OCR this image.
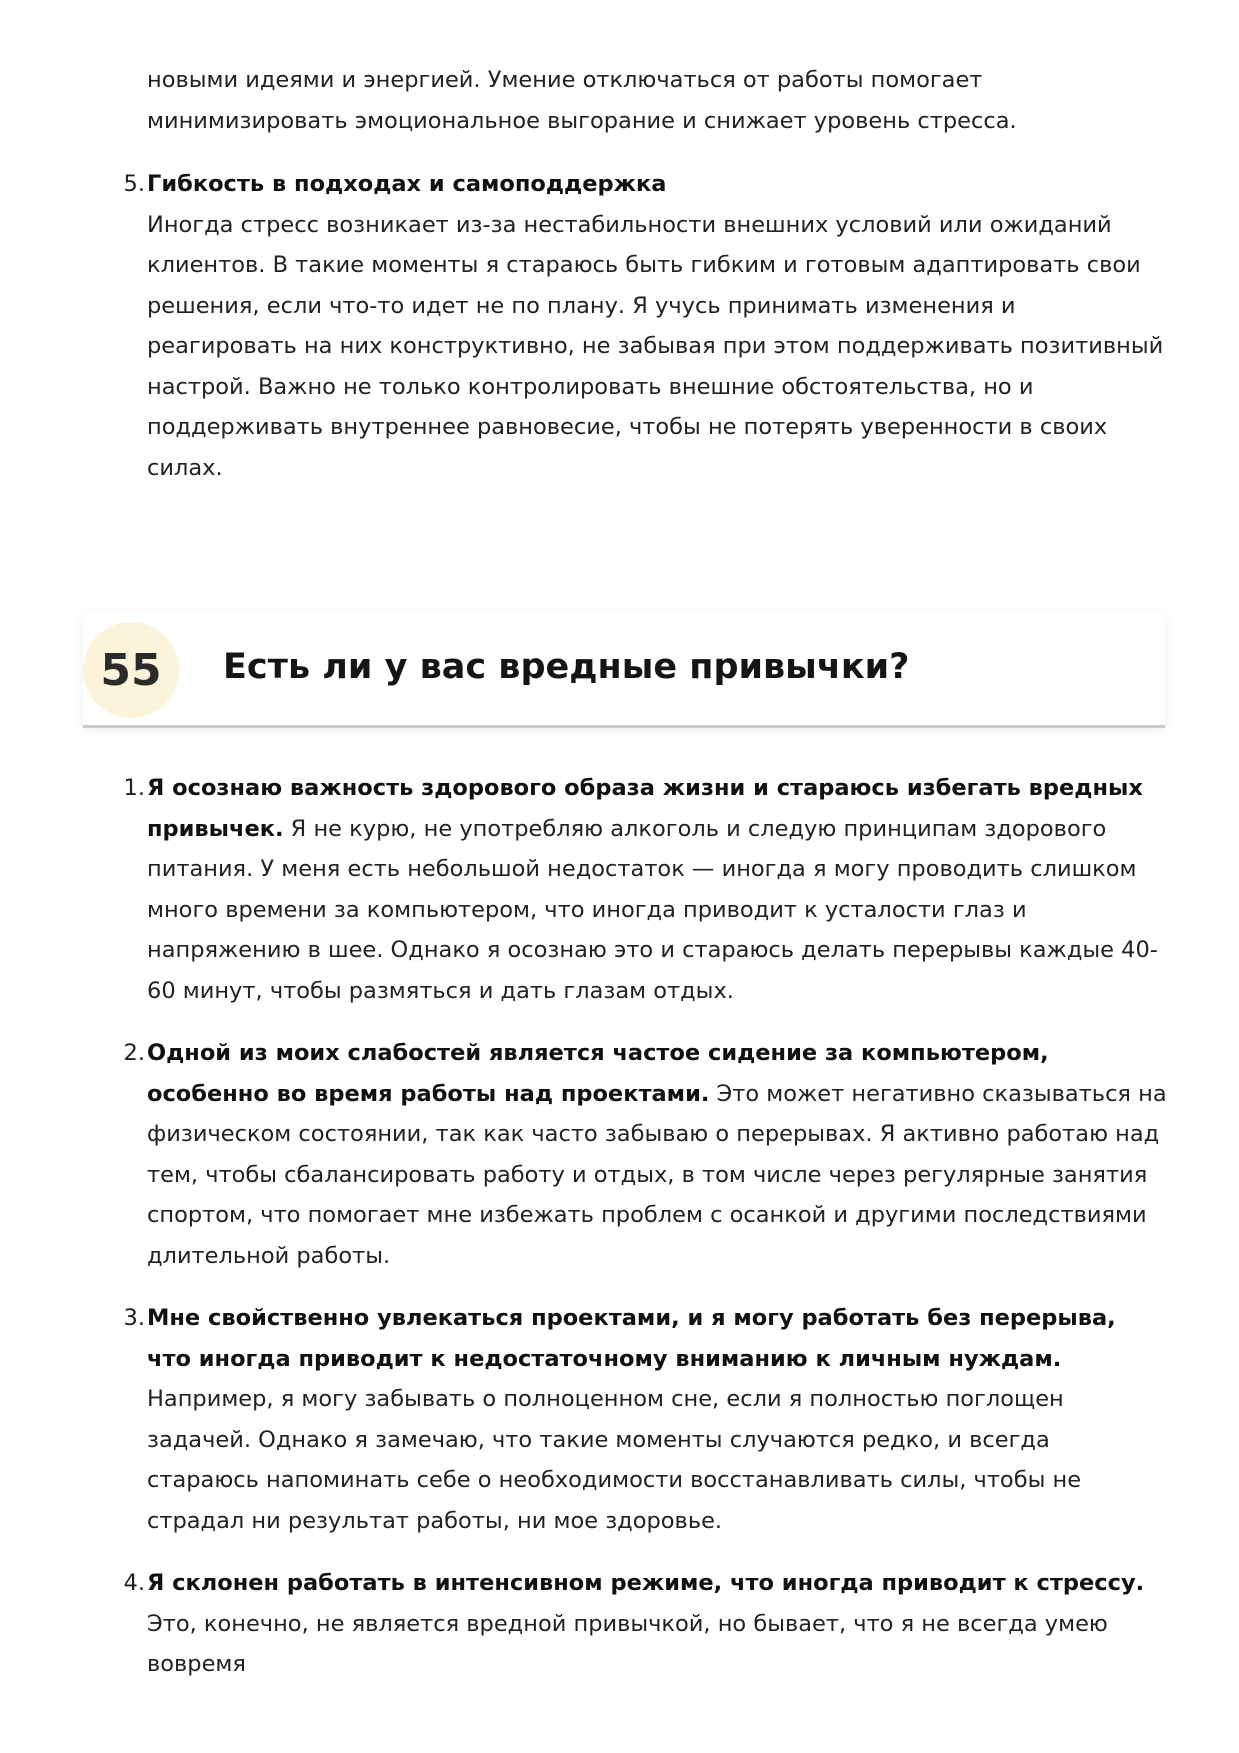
новыми идеями и энергией. Умение отключаться от работы помогает минимизировать эмоциональное выгорание и снижает уровень стресса.

5. Гибкость в подходах и самоподдержка
Иногда стресс возникает из-за нестабильности внешних условий или ожиданий клиентов. В такие моменты я стараюсь быть гибким и готовым адаптировать свои решения, если что-то идет не по плану. Я учусь принимать изменения и реагировать на них конструктивно, не забывая при этом поддерживать позитивный настрой. Важно не только контролировать внешние обстоятельства, но и поддерживать внутреннее равновесие, чтобы не потерять уверенности в своих силах.
55	Есть ли у вас вредные привычки?
1. Я осознаю важность здорового образа жизни и стараюсь избегать вредных привычек. Я не курю, не употребляю алкоголь и следую принципам здорового питания. У меня есть небольшой недостаток — иногда я могу проводить слишком много времени за компьютером, что иногда приводит к усталости глаз и напряжению в шее. Однако я осознаю это и стараюсь делать перерывы каждые 40-60 минут, чтобы размяться и дать глазам отдых.
2. Одной из моих слабостей является частое сидение за компьютером, особенно во время работы над проектами. Это может негативно сказываться на физическом состоянии, так как часто забываю о перерывах. Я активно работаю над тем, чтобы сбалансировать работу и отдых, в том числе через регулярные занятия спортом, что помогает мне избежать проблем с осанкой и другими последствиями длительной работы.
3. Мне свойственно увлекаться проектами, и я могу работать без перерыва, что иногда приводит к недостаточному вниманию к личным нуждам. Например, я могу забывать о полноценном сне, если я полностью поглощен задачей. Однако я замечаю, что такие моменты случаются редко, и всегда стараюсь напоминать себе о необходимости восстанавливать силы, чтобы не страдал ни результат работы, ни мое здоровье.
4. Я склонен работать в интенсивном режиме, что иногда приводит к стрессу. Это, конечно, не является вредной привычкой, но бывает, что я не всегда умею вовремя
